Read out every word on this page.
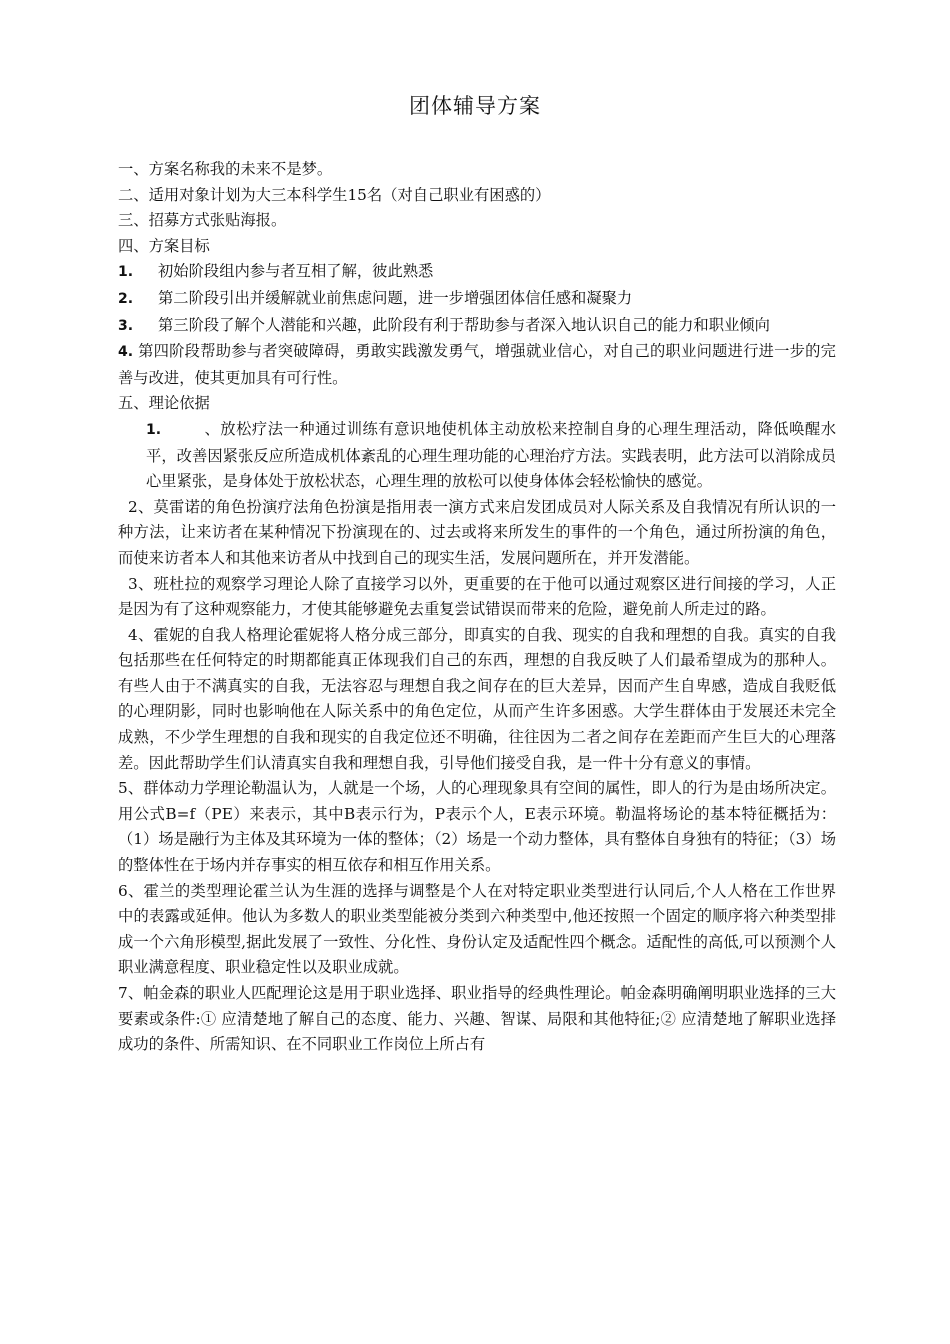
团体辅导方案

一、方案名称我的未来不是梦。

二、适用对象计划为大三本科学生15名（对自己职业有困惑的）

三、招募方式张贴海报。

四、方案目标

1. 初始阶段组内参与者互相了解，彼此熟悉

2. 第二阶段引出并缓解就业前焦虑问题，进一步增强团体信任感和凝聚力

3. 第三阶段了解个人潜能和兴趣，此阶段有利于帮助参与者深入地认识自己的能力和职业倾向

4. 第四阶段帮助参与者突破障碍，勇敢实践激发勇气，增强就业信心，对自己的职业问题进行进一步的完善与改进，使其更加具有可行性。

五、理论依据

1.	、放松疗法一种通过训练有意识地使机体主动放松来控制自身的心理生理活动，降低唤醒水平，改善因紧张反应所造成机体紊乱的心理生理功能的心理治疗方法。实践表明，此方法可以消除成员心里紧张，是身体处于放松状态，心理生理的放松可以使身体体会轻松愉快的感觉。

2、莫雷诺的角色扮演疗法角色扮演是指用表一演方式来启发团成员对人际关系及自我情况有所认识的一种方法，让来访者在某种情况下扮演现在的、过去或将来所发生的事件的一个角色，通过所扮演的角色，而使来访者本人和其他来访者从中找到自己的现实生活，发展问题所在，并开发潜能。

3、班杜拉的观察学习理论人除了直接学习以外，更重要的在于他可以通过观察区进行间接的学习，人正是因为有了这种观察能力，才使其能够避免去重复尝试错误而带来的危险，避免前人所走过的路。

4、霍妮的自我人格理论霍妮将人格分成三部分，即真实的自我、现实的自我和理想的自我。真实的自我包括那些在任何特定的时期都能真正体现我们自己的东西，理想的自我反映了人们最希望成为的那种人。有些人由于不满真实的自我，无法容忍与理想自我之间存在的巨大差异，因而产生自卑感，造成自我贬低的心理阴影，同时也影响他在人际关系中的角色定位，从而产生许多困惑。大学生群体由于发展还未完全成熟，不少学生理想的自我和现实的自我定位还不明确，往往因为二者之间存在差距而产生巨大的心理落差。因此帮助学生们认清真实自我和理想自我，引导他们接受自我，是一件十分有意义的事情。

5、群体动力学理论勒温认为，人就是一个场，人的心理现象具有空间的属性，即人的行为是由场所决定。用公式B=f（PE）来表示，其中B表示行为，P表示个人，E表示环境。勒温将场论的基本特征概括为：（1）场是融行为主体及其环境为一体的整体；（2）场是一个动力整体，具有整体自身独有的特征；（3）场的整体性在于场内并存事实的相互依存和相互作用关系。

6、霍兰的类型理论霍兰认为生涯的选择与调整是个人在对特定职业类型进行认同后,个人人格在工作世界中的表露或延伸。他认为多数人的职业类型能被分类到六种类型中,他还按照一个固定的顺序将六种类型排成一个六角形模型,据此发展了一致性、分化性、身份认定及适配性四个概念。适配性的高低,可以预测个人职业满意程度、职业稳定性以及职业成就。

7、帕金森的职业人匹配理论这是用于职业选择、职业指导的经典性理论。帕金森明确阐明职业选择的三大要素或条件:① 应清楚地了解自己的态度、能力、兴趣、智谋、局限和其他特征;② 应清楚地了解职业选择成功的条件、所需知识、在不同职业工作岗位上所占有
